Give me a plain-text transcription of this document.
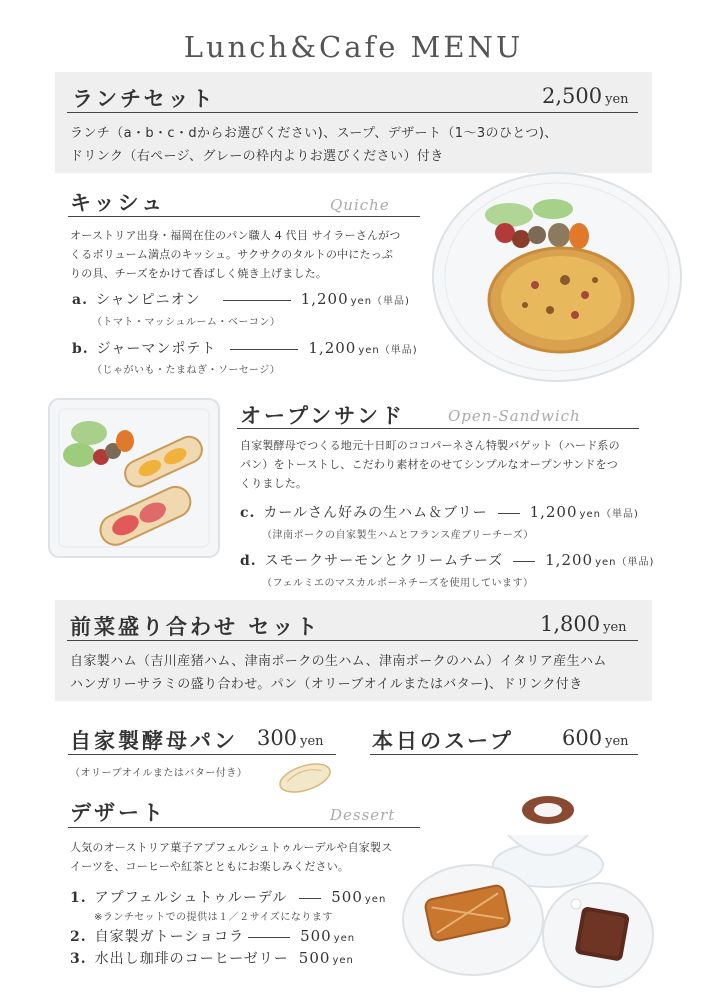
Lunch&Cafe MENU
ランチセット	2,500 yen
ランチ（a・b・c・dからお選びください)、スープ、デザート（1〜3のひとつ)、
ドリンク（右ページ、グレーの枠内よりお選びください）付き
キッシュ	Quiche
オーストリア出身・福岡在住のパン職人 4 代目 サイラーさんがつ
くるボリューム満点のキッシュ。サクサクのタルトの中にたっぷ
りの具、チーズをかけて香ばしく焼き上げました。
a. シャンピニオン	1,200 yen（単品)
（トマト・マッシュルーム・ベーコン）
b. ジャーマンポテト	1,200 yen（単品)
（じゃがいも・たまねぎ・ソーセージ）
オープンサンド	Open-Sandwich
自家製酵母でつくる地元十日町のココパーネさん特製バゲット（ハード系の
パン）をトーストし、こだわり素材をのせてシンプルなオープンサンドをつ
くりました。
c. カールさん好みの生ハム＆ブリー	1,200 yen（単品)
（津南ポークの自家製生ハムとフランス産ブリーチーズ）
d. スモークサーモンとクリームチーズ	1,200 yen（単品)
（フェルミエのマスカルポーネチーズを使用しています）
前菜盛り合わせ セット	1,800 yen
自家製ハム（吉川産猪ハム、津南ポークの生ハム、津南ポークのハム）イタリア産生ハム
ハンガリーサラミの盛り合わせ。パン（オリーブオイルまたはバター)、ドリンク付き
自家製酵母パン 300 yen
（オリーブオイルまたはバター付き）
本日のスープ 600 yen
デザート	Dessert
人気のオーストリア菓子アプフェルシュトゥルーデルや自家製ス
イーツを、コーヒーや紅茶とともにお楽しみください。
1. アプフェルシュトゥルーデル	500 yen
※ランチセットでの提供は１／２サイズになります
2. 自家製ガトーショコラ	500 yen
3. 水出し珈琲のコーヒーゼリー 500 yen
